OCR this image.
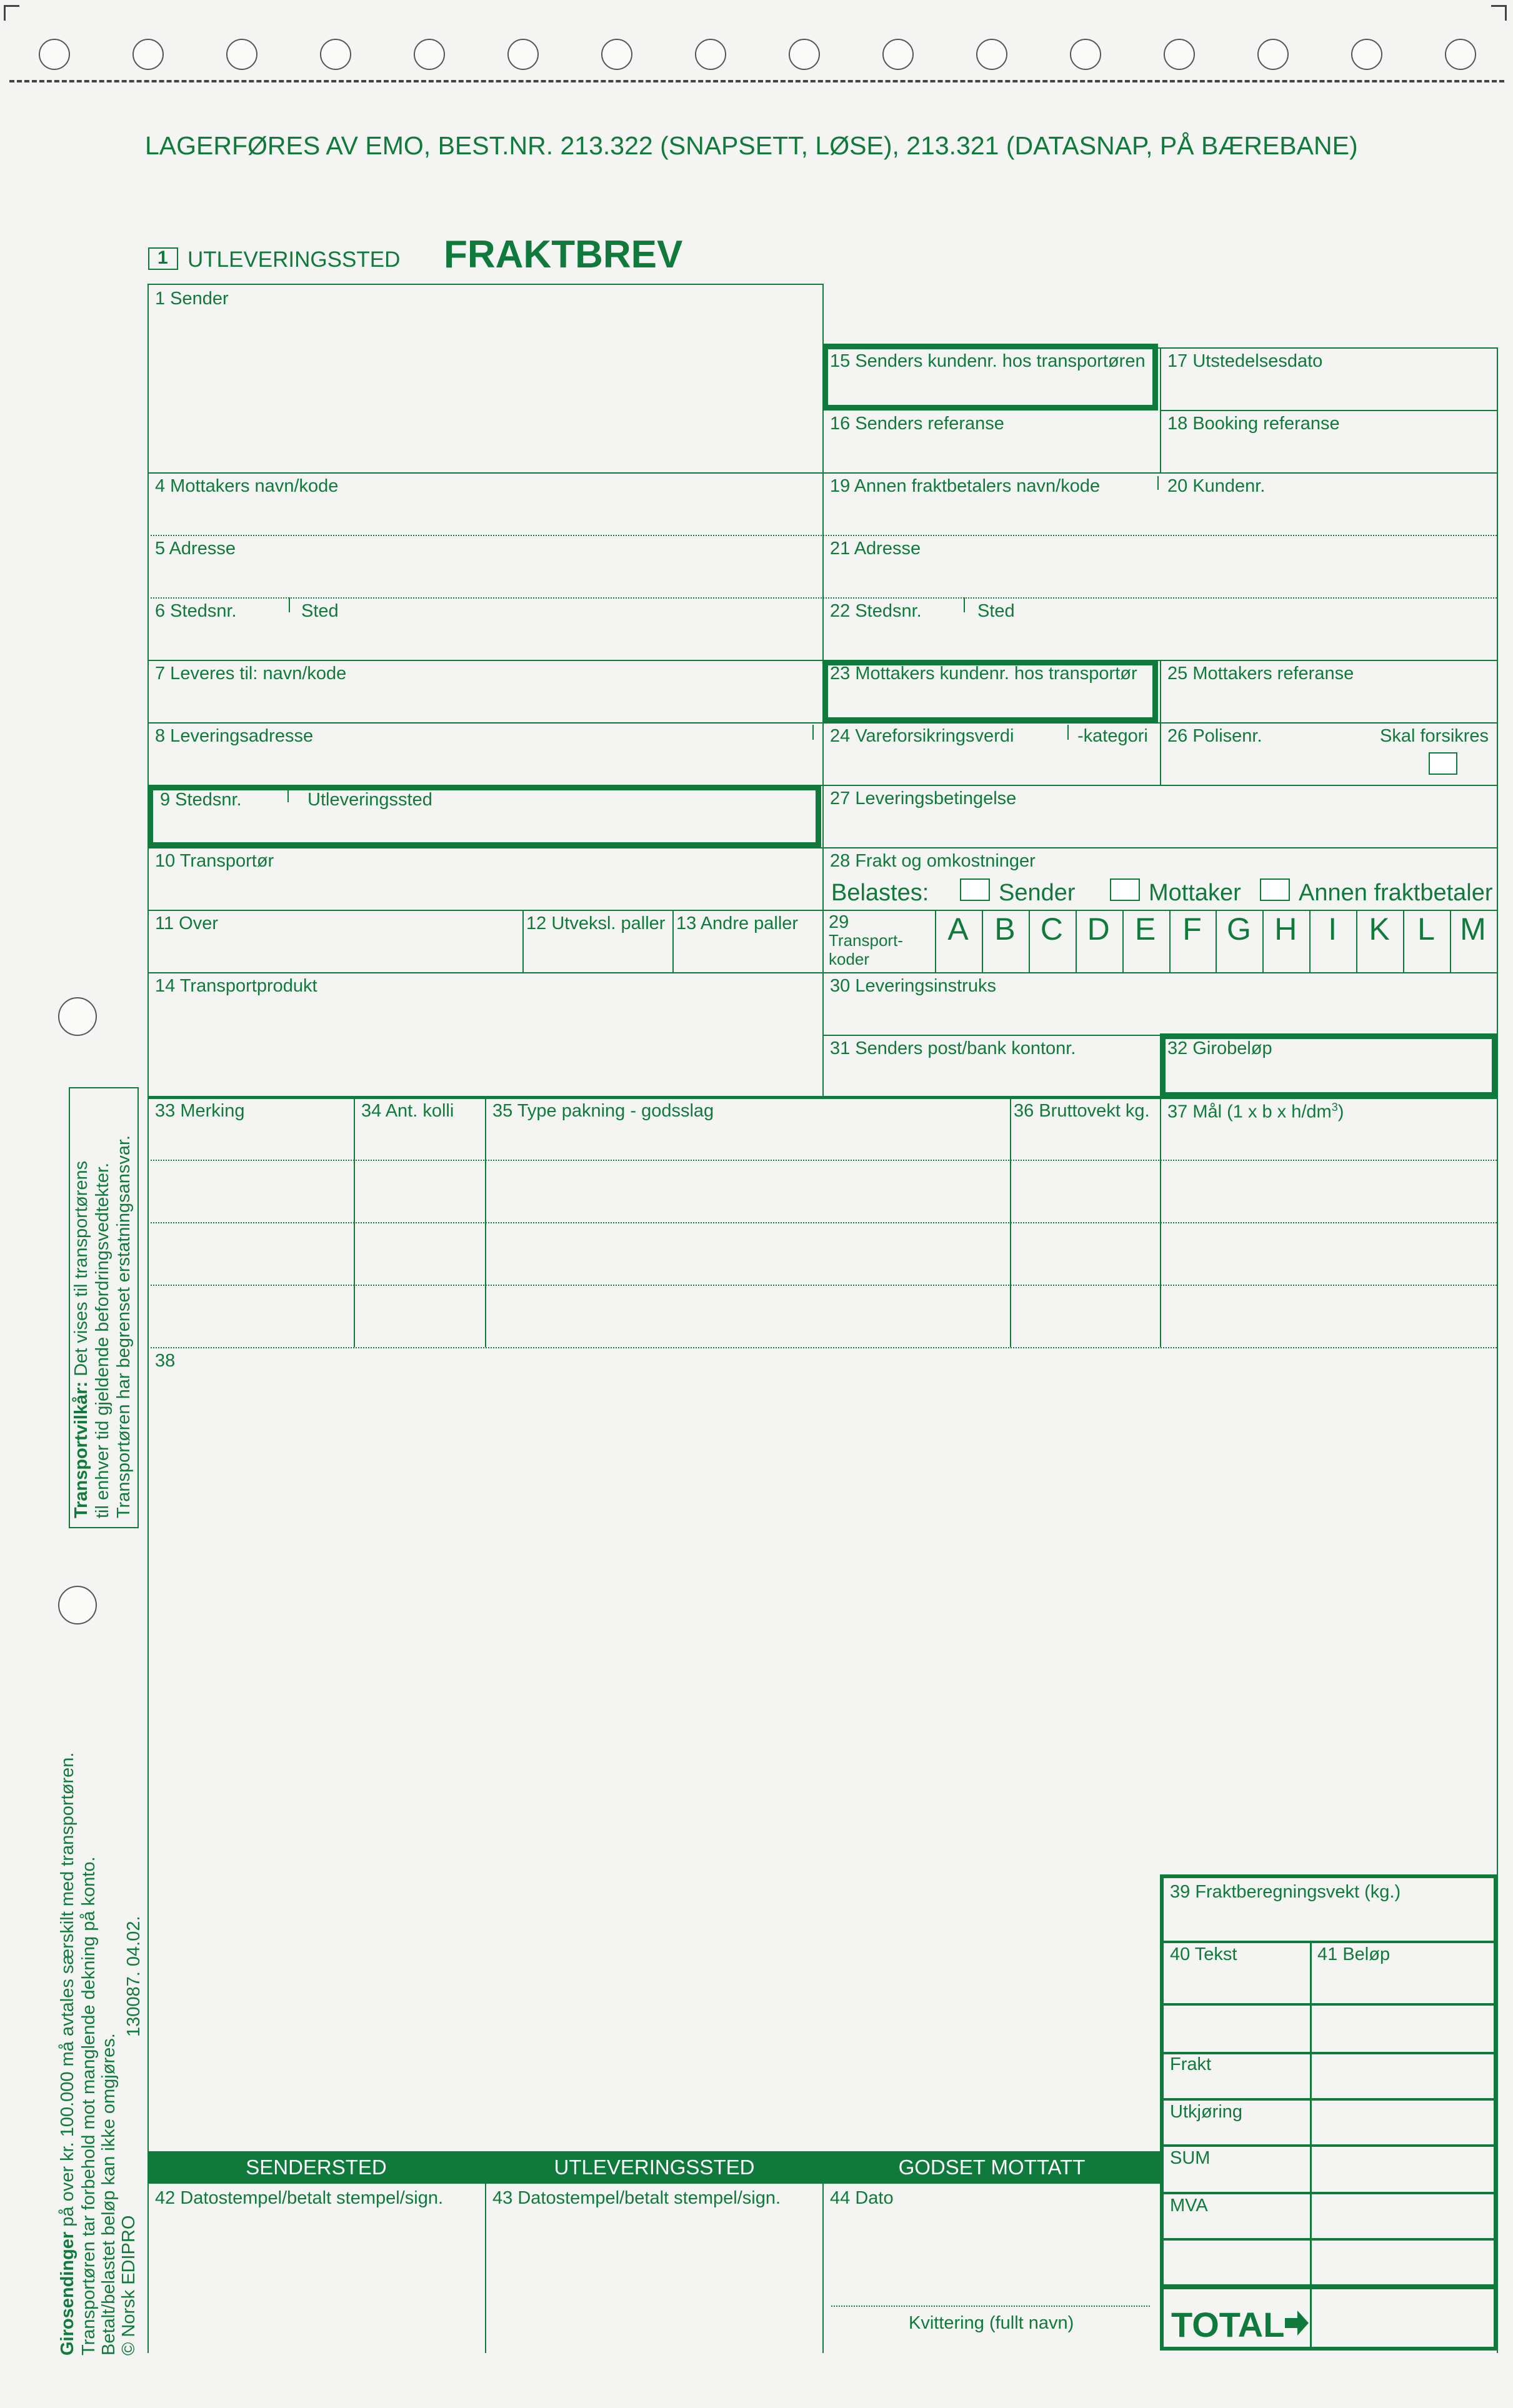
LAGERFØRES AV EMO, BEST.NR. 213.322 (SNAPSETT, LØSE), 213.321 (DATASNAP, PÅ BÆREBANE)
1 UTLEVERINGSSTED FRAKTBREV
1 Sender
4 Mottakers navn/kode
5 Adresse
6 Stedsnr.	Sted
7 Leveres til: navn/kode
8 Leveringsadresse
9 Stedsnr.	Utleveringssted
10 Transportør
11 Over	12 Utveksl. paller 13 Andre paller
14 Transportprodukt
15 Senders kundenr. hos transportøren 17 Utstedelsesdato
16 Senders referanse	18 Booking referanse
19 Annen fraktbetalers navn/kode	20 Kundenr.
21 Adresse
22 Stedsnr.	Sted
23 Mottakers kundenr. hos transportør 25 Mottakers referanse
24 Vareforsikringsverdi	-kategori 26 Polisenr.	Skal forsikres
27 Leveringsbetingelse
28 Frakt og omkostninger
Belastes:	Sender	Mottaker Annen fraktbetaler
29
Transport-
koder
A B C D E F G H I	K L M
30 Leveringsinstruks
31 Senders post/bank kontonr.	32 Girobeløp
33 Merking	34 Ant. kolli 35 Type pakning - godsslag	36 Bruttovekt kg. 37 Mål (1 x b x $h/dm^3$)
38
39 Fraktberegningsvekt (kg.)
40 Tekst	41 Beløp
Frakt
Utkjøring
SUM
MVA
TOTAL
SENDERSTED	UTLEVERINGSSTED	GODSET MOTTATT
42 Datostempel/betalt stempel/sign.	43 Datostempel/betalt stempel/sign.	44 Dato
Kvittering (fullt navn)
Transportvilkår: Det vises til transportørens til enhver tid gjeldende befordringsvedtekter. Transportøren har begrenset erstatningsansvar.
Girosendinger på over kr. 100.000 må avtales særskilt med transportøren. Transportøren tar forbehold mot manglende dekning på konto. Betalt/belastet beløp kan ikke omgjøres. © Norsk EDIPRO
130087. 04.02.
